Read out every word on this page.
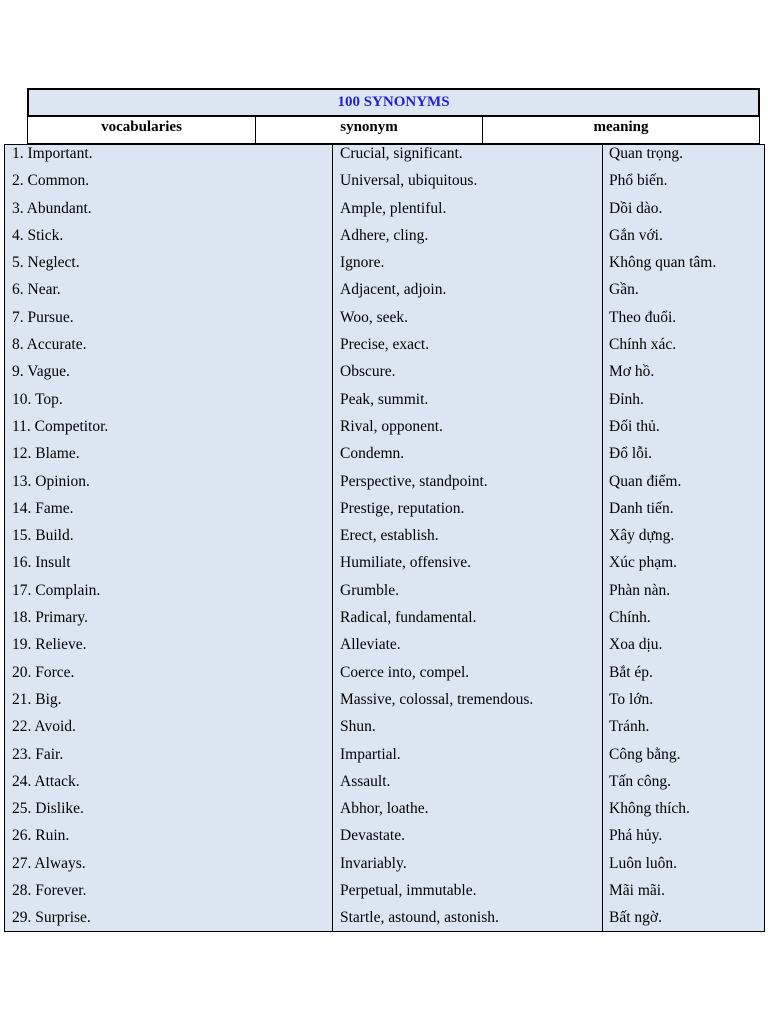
100 SYNONYMS
vocabularies	synonym	meaning
1. Important.
2. Common.
3. Abundant.
4. Stick.
5. Neglect.
6. Near.
7. Pursue.
8. Accurate.
9. Vague.
10. Top.
11. Competitor.
12. Blame.
13. Opinion.
14. Fame.
15. Build.
16. Insult
17. Complain.
18. Primary.
19. Relieve.
20. Force.
21. Big.
22. Avoid.
23. Fair.
24. Attack.
25. Dislike.
26. Ruin.
27. Always.
28. Forever.
29. Surprise.
Crucial, significant.
Universal, ubiquitous.
Ample, plentiful.
Adhere, cling.
Ignore.
Adjacent, adjoin.
Woo, seek.
Precise, exact.
Obscure.
Peak, summit.
Rival, opponent.
Condemn.
Perspective, standpoint.
Prestige, reputation.
Erect, establish.
Humiliate, offensive.
Grumble.
Radical, fundamental.
Alleviate.
Coerce into, compel.
Massive, colossal, tremendous.
Shun.
Impartial.
Assault.
Abhor, loathe.
Devastate.
Invariably.
Perpetual, immutable.
Startle, astound, astonish.
Quan trọng.
Phổ biến.
Dồi dào.
Gắn với.
Không quan tâm.
Gần.
Theo đuổi.
Chính xác.
Mơ hồ.
Đỉnh.
Đối thủ.
Đổ lỗi.
Quan điểm.
Danh tiến.
Xây dựng.
Xúc phạm.
Phàn nàn.
Chính.
Xoa dịu.
Bắt ép.
To lớn.
Tránh.
Công bằng.
Tấn công.
Không thích.
Phá hủy.
Luôn luôn.
Mãi mãi.
Bất ngờ.
